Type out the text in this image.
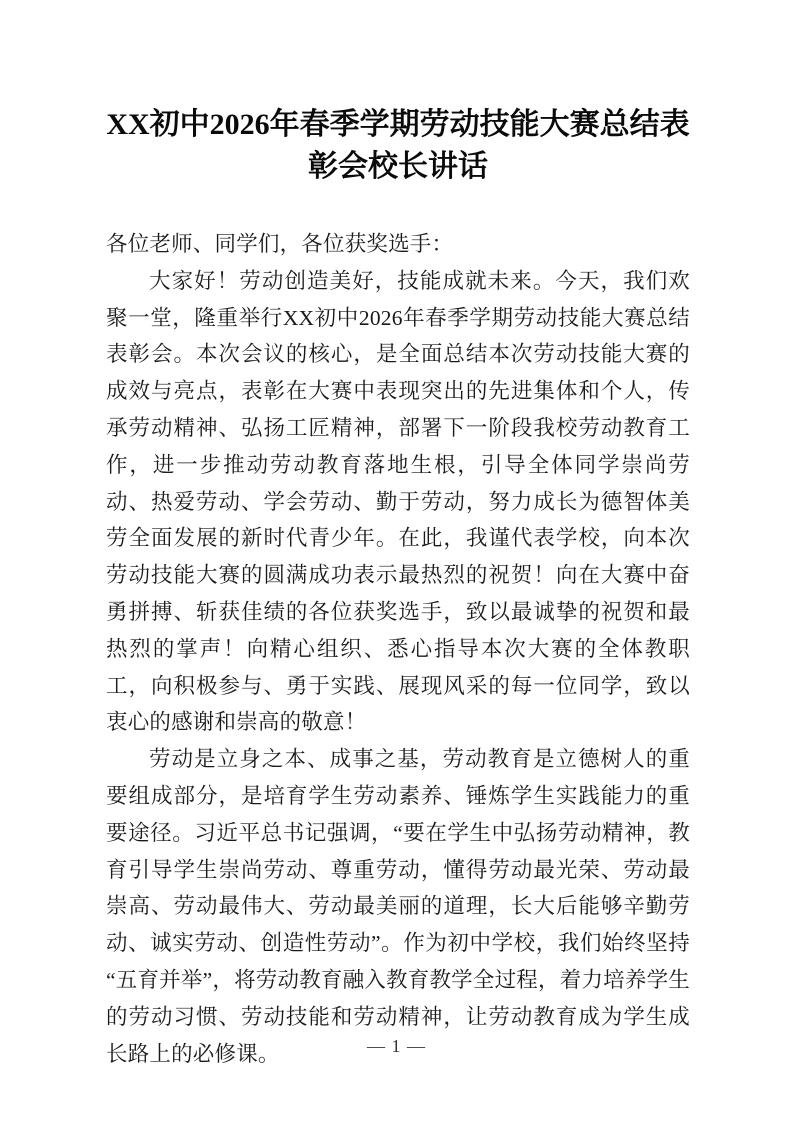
XX初中2026年春季学期劳动技能大赛总结表彰会校长讲话

各位老师、同学们，各位获奖选手：

大家好！劳动创造美好，技能成就未来。今天，我们欢聚一堂，隆重举行XX初中2026年春季学期劳动技能大赛总结表彰会。本次会议的核心，是全面总结本次劳动技能大赛的成效与亮点，表彰在大赛中表现突出的先进集体和个人，传承劳动精神、弘扬工匠精神，部署下一阶段我校劳动教育工作，进一步推动劳动教育落地生根，引导全体同学崇尚劳动、热爱劳动、学会劳动、勤于劳动，努力成长为德智体美劳全面发展的新时代青少年。在此，我谨代表学校，向本次劳动技能大赛的圆满成功表示最热烈的祝贺！向在大赛中奋勇拼搏、斩获佳绩的各位获奖选手，致以最诚挚的祝贺和最热烈的掌声！向精心组织、悉心指导本次大赛的全体教职工，向积极参与、勇于实践、展现风采的每一位同学，致以衷心的感谢和崇高的敬意！

劳动是立身之本、成事之基，劳动教育是立德树人的重要组成部分，是培育学生劳动素养、锤炼学生实践能力的重要途径。习近平总书记强调，“要在学生中弘扬劳动精神，教育引导学生崇尚劳动、尊重劳动，懂得劳动最光荣、劳动最崇高、劳动最伟大、劳动最美丽的道理，长大后能够辛勤劳动、诚实劳动、创造性劳动”。作为初中学校，我们始终坚持“五育并举”，将劳动教育融入教育教学全过程，着力培养学生的劳动习惯、劳动技能和劳动精神，让劳动教育成为学生成长路上的必修课。	— 1 —
